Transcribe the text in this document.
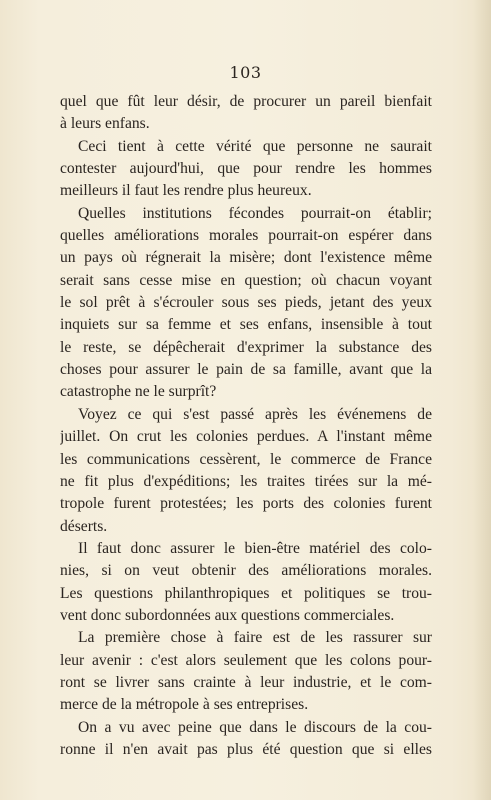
103
quel que fût leur désir, de procurer un pareil bienfait
à leurs enfans.
Ceci tient à cette vérité que personne ne saurait
contester aujourd'hui, que pour rendre les hommes
meilleurs il faut les rendre plus heureux.
Quelles institutions fécondes pourrait-on établir;
quelles améliorations morales pourrait-on espérer dans
un pays où régnerait la misère; dont l'existence même
serait sans cesse mise en question; où chacun voyant
le sol prêt à s'écrouler sous ses pieds, jetant des yeux
inquiets sur sa femme et ses enfans, insensible à tout
le reste, se dépêcherait d'exprimer la substance des
choses pour assurer le pain de sa famille, avant que la
catastrophe ne le surprît?
Voyez ce qui s'est passé après les événemens de
juillet. On crut les colonies perdues. A l'instant même
les communications cessèrent, le commerce de France
ne fit plus d'expéditions; les traites tirées sur la mé-
tropole furent protestées; les ports des colonies furent
déserts.
Il faut donc assurer le bien-être matériel des colo-
nies, si on veut obtenir des améliorations morales.
Les questions philanthropiques et politiques se trou-
vent donc subordonnées aux questions commerciales.
La première chose à faire est de les rassurer sur
leur avenir : c'est alors seulement que les colons pour-
ront se livrer sans crainte à leur industrie, et le com-
merce de la métropole à ses entreprises.
On a vu avec peine que dans le discours de la cou-
ronne il n'en avait pas plus été question que si elles
